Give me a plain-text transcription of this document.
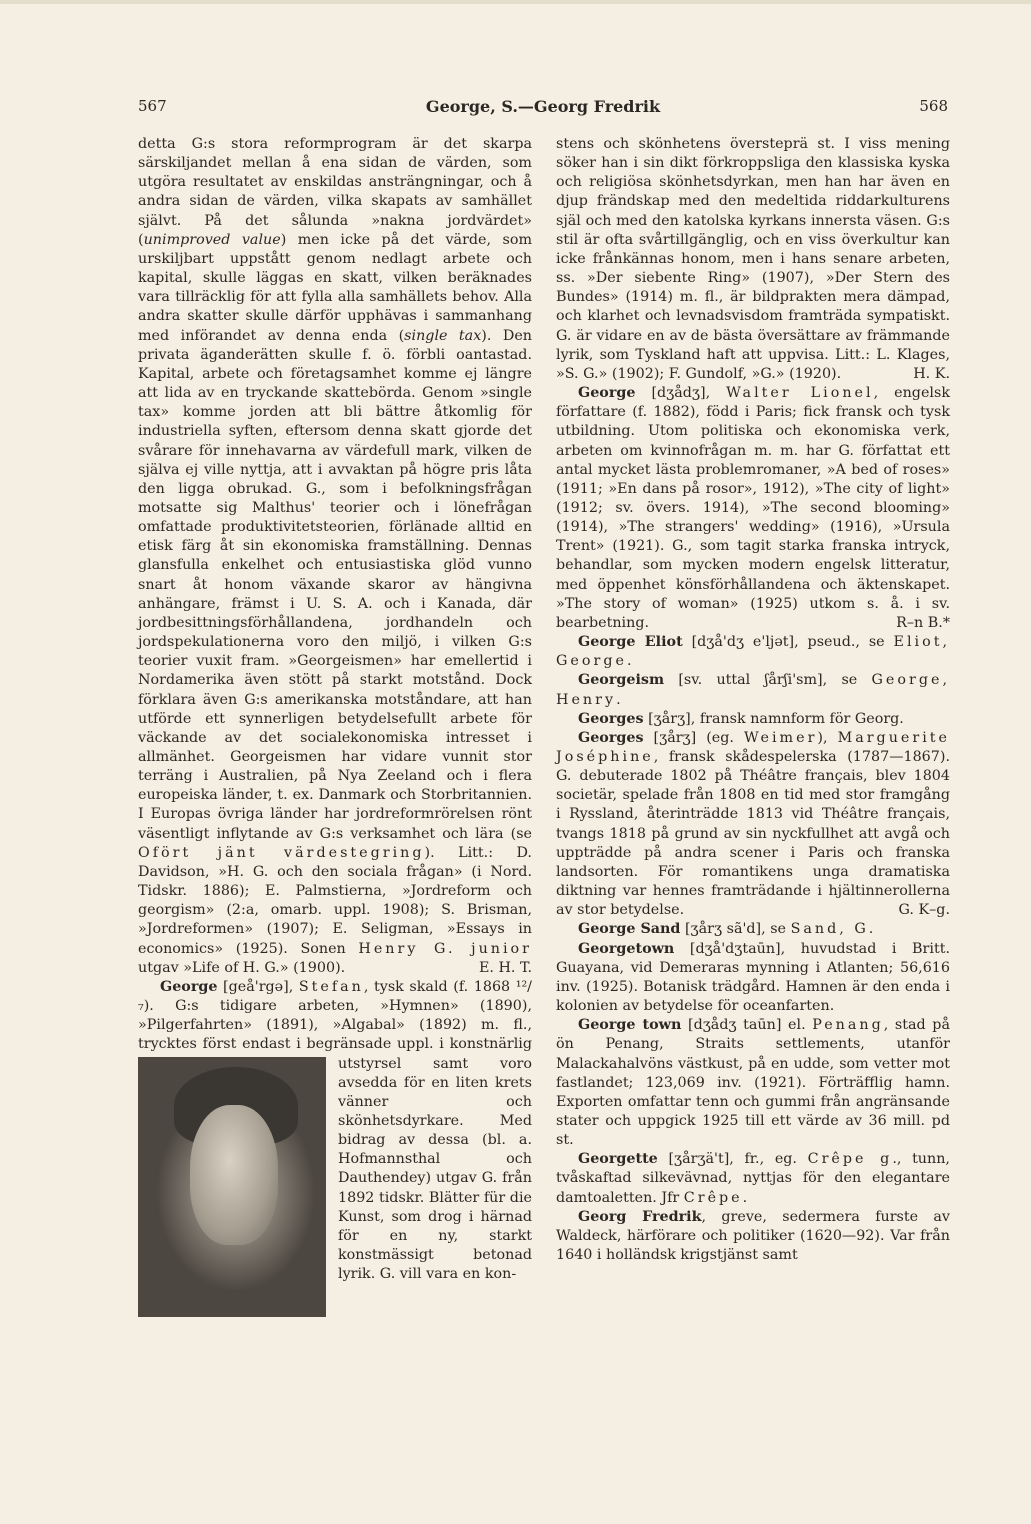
567	George, S.—Georg Fredrik	568

detta G:s stora reformprogram är det skarpa särskiljandet mellan å ena sidan de värden, som utgöra resultatet av enskildas ansträngningar, och å andra sidan de värden, vilka skapats av samhället självt. På det sålunda »nakna jordvärdet» (unimproved value) men icke på det värde, som urskiljbart uppstått genom nedlagt arbete och kapital, skulle läggas en skatt, vilken beräknades vara tillräcklig för att fylla alla samhällets behov. Alla andra skatter skulle därför upphävas i sammanhang med införandet av denna enda (single tax). Den privata äganderätten skulle f. ö. förbli oantastad. Kapital, arbete och företagsamhet komme ej längre att lida av en tryckande skattebörda. Genom »single tax» komme jorden att bli bättre åtkomlig för industriella syften, eftersom denna skatt gjorde det svårare för innehavarna av värdefull mark, vilken de själva ej ville nyttja, att i avvaktan på högre pris låta den ligga obrukad. G., som i befolkningsfrågan motsatte sig Malthus' teorier och i lönefrågan omfattade produktivitetsteorien, förlänade alltid en etisk färg åt sin ekonomiska framställning. Dennas glansfulla enkelhet och entusiastiska glöd vunno snart åt honom växande skaror av hängivna anhängare, främst i U. S. A. och i Kanada, där jordbesittningsförhållandena, jordhandeln och jordspekulationerna voro den miljö, i vilken G:s teorier vuxit fram. »Georgeismen» har emellertid i Nordamerika även stött på starkt motstånd. Dock förklara även G:s amerikanska motståndare, att han utförde ett synnerligen betydelsefullt arbete för väckande av det socialekonomiska intresset i allmänhet. Georgeismen har vidare vunnit stor terräng i Australien, på Nya Zeeland och i flera europeiska länder, t. ex. Danmark och Storbritannien. I Europas övriga länder har jordreformrörelsen rönt väsentligt inflytande av G:s verksamhet och lära (se Ofört jänt värdestegring). Litt.: D. Davidson, »H. G. och den sociala frågan» (i Nord. Tidskr. 1886); E. Palmstierna, »Jordreform och georgism» (2:a, omarb. uppl. 1908); S. Brisman, »Jordreformen» (1907); E. Seligman, »Essays in economics» (1925). Sonen Henry G. junior utgav »Life of H. G.» (1900).	E. H. T.

George [geå'rgə], Stefan, tysk skald (f. 1868 ¹²/₇). G:s tidigare arbeten, »Hymnen» (1890), »Pilgerfahrten» (1891), »Algabal» (1892) m. fl., trycktes först endast i begränsade uppl.
i konstnärlig utstyrsel samt voro avsedda för en liten krets vänner och skönhetsdyrkare. Med bidrag av dessa (bl. a. Hofmannsthal och Dauthendey) utgav G. från 1892 tidskr. Blätter für die Kunst, som drog i härnad för en ny, starkt konstmässigt betonad lyrik. G. vill vara en kon-

stens och skönhetens översteprä st. I viss mening söker han i sin dikt förkroppsliga den klassiska kyska och religiösa skönhetsdyrkan, men han har även en djup frändskap med den medeltida riddarkulturens själ och med den katolska kyrkans innersta väsen. G:s stil är ofta svårtillgänglig, och en viss överkultur kan icke frånkännas honom, men i hans senare arbeten, ss. »Der siebente Ring» (1907), »Der Stern des Bundes» (1914) m. fl., är bildprakten mera dämpad, och klarhet och levnadsvisdom framträda sympatiskt. G. är vidare en av de bästa översättare av främmande lyrik, som Tyskland haft att uppvisa. Litt.: L. Klages, »S. G.» (1902); F. Gundolf, »G.» (1920).	H. K.

George [dʒådʒ], Walter Lionel, engelsk författare (f. 1882), född i Paris; fick fransk och tysk utbildning. Utom politiska och ekonomiska verk, arbeten om kvinnofrågan m. m. har G. författat ett antal mycket lästa problemromaner, »A bed of roses» (1911; »En dans på rosor», 1912), »The city of light» (1912; sv. övers. 1914), »The second blooming» (1914), »The strangers' wedding» (1916), »Ursula Trent» (1921). G., som tagit starka franska intryck, behandlar, som mycken modern engelsk litteratur, med öppenhet könsförhållandena och äktenskapet. »The story of woman» (1925) utkom s. å. i sv. bearbetning.	R–n B.*

George Eliot [dʒå'dʒ e'ljət], pseud., se Eliot, George.

Georgeism [sv. uttal ʃårʃi'sm], se George, Henry.

Georges [ʒårʒ], fransk namnform för Georg.

Georges [ʒårʒ] (eg. Weimer), Marguerite Joséphine, fransk skådespelerska (1787—1867). G. debuterade 1802 på Théâtre français, blev 1804 societär, spelade från 1808 en tid med stor framgång i Ryssland, återinträdde 1813 vid Théâtre français, tvangs 1818 på grund av sin nyckfullhet att avgå och uppträdde på andra scener i Paris och franska landsorten. För romantikens unga dramatiska diktning var hennes framträdande i hjältinnerollerna av stor betydelse.	G. K–g.

George Sand [ʒårʒ sã'd], se Sand, G.

Georgetown [dʒå'dʒtaūn], huvudstad i Britt. Guayana, vid Demeraras mynning i Atlanten; 56,616 inv. (1925). Botanisk trädgård. Hamnen är den enda i kolonien av betydelse för oceanfarten.

George town [dʒådʒ taūn] el. Penang, stad på ön Penang, Straits settlements, utanför Malackahalvöns västkust, på en udde, som vetter mot fastlandet; 123,069 inv. (1921). Förträfflig hamn. Exporten omfattar tenn och gummi från angränsande stater och uppgick 1925 till ett värde av 36 mill. pd st.

Georgette [ʒårʒä't], fr., eg. Crêpe g., tunn, tvåskaftad silkevävnad, nyttjas för den elegantare damtoaletten. Jfr Crêpe.

Georg Fredrik, greve, sedermera furste av Waldeck, härförare och politiker (1620—92). Var från 1640 i holländsk krigstjänst samt
